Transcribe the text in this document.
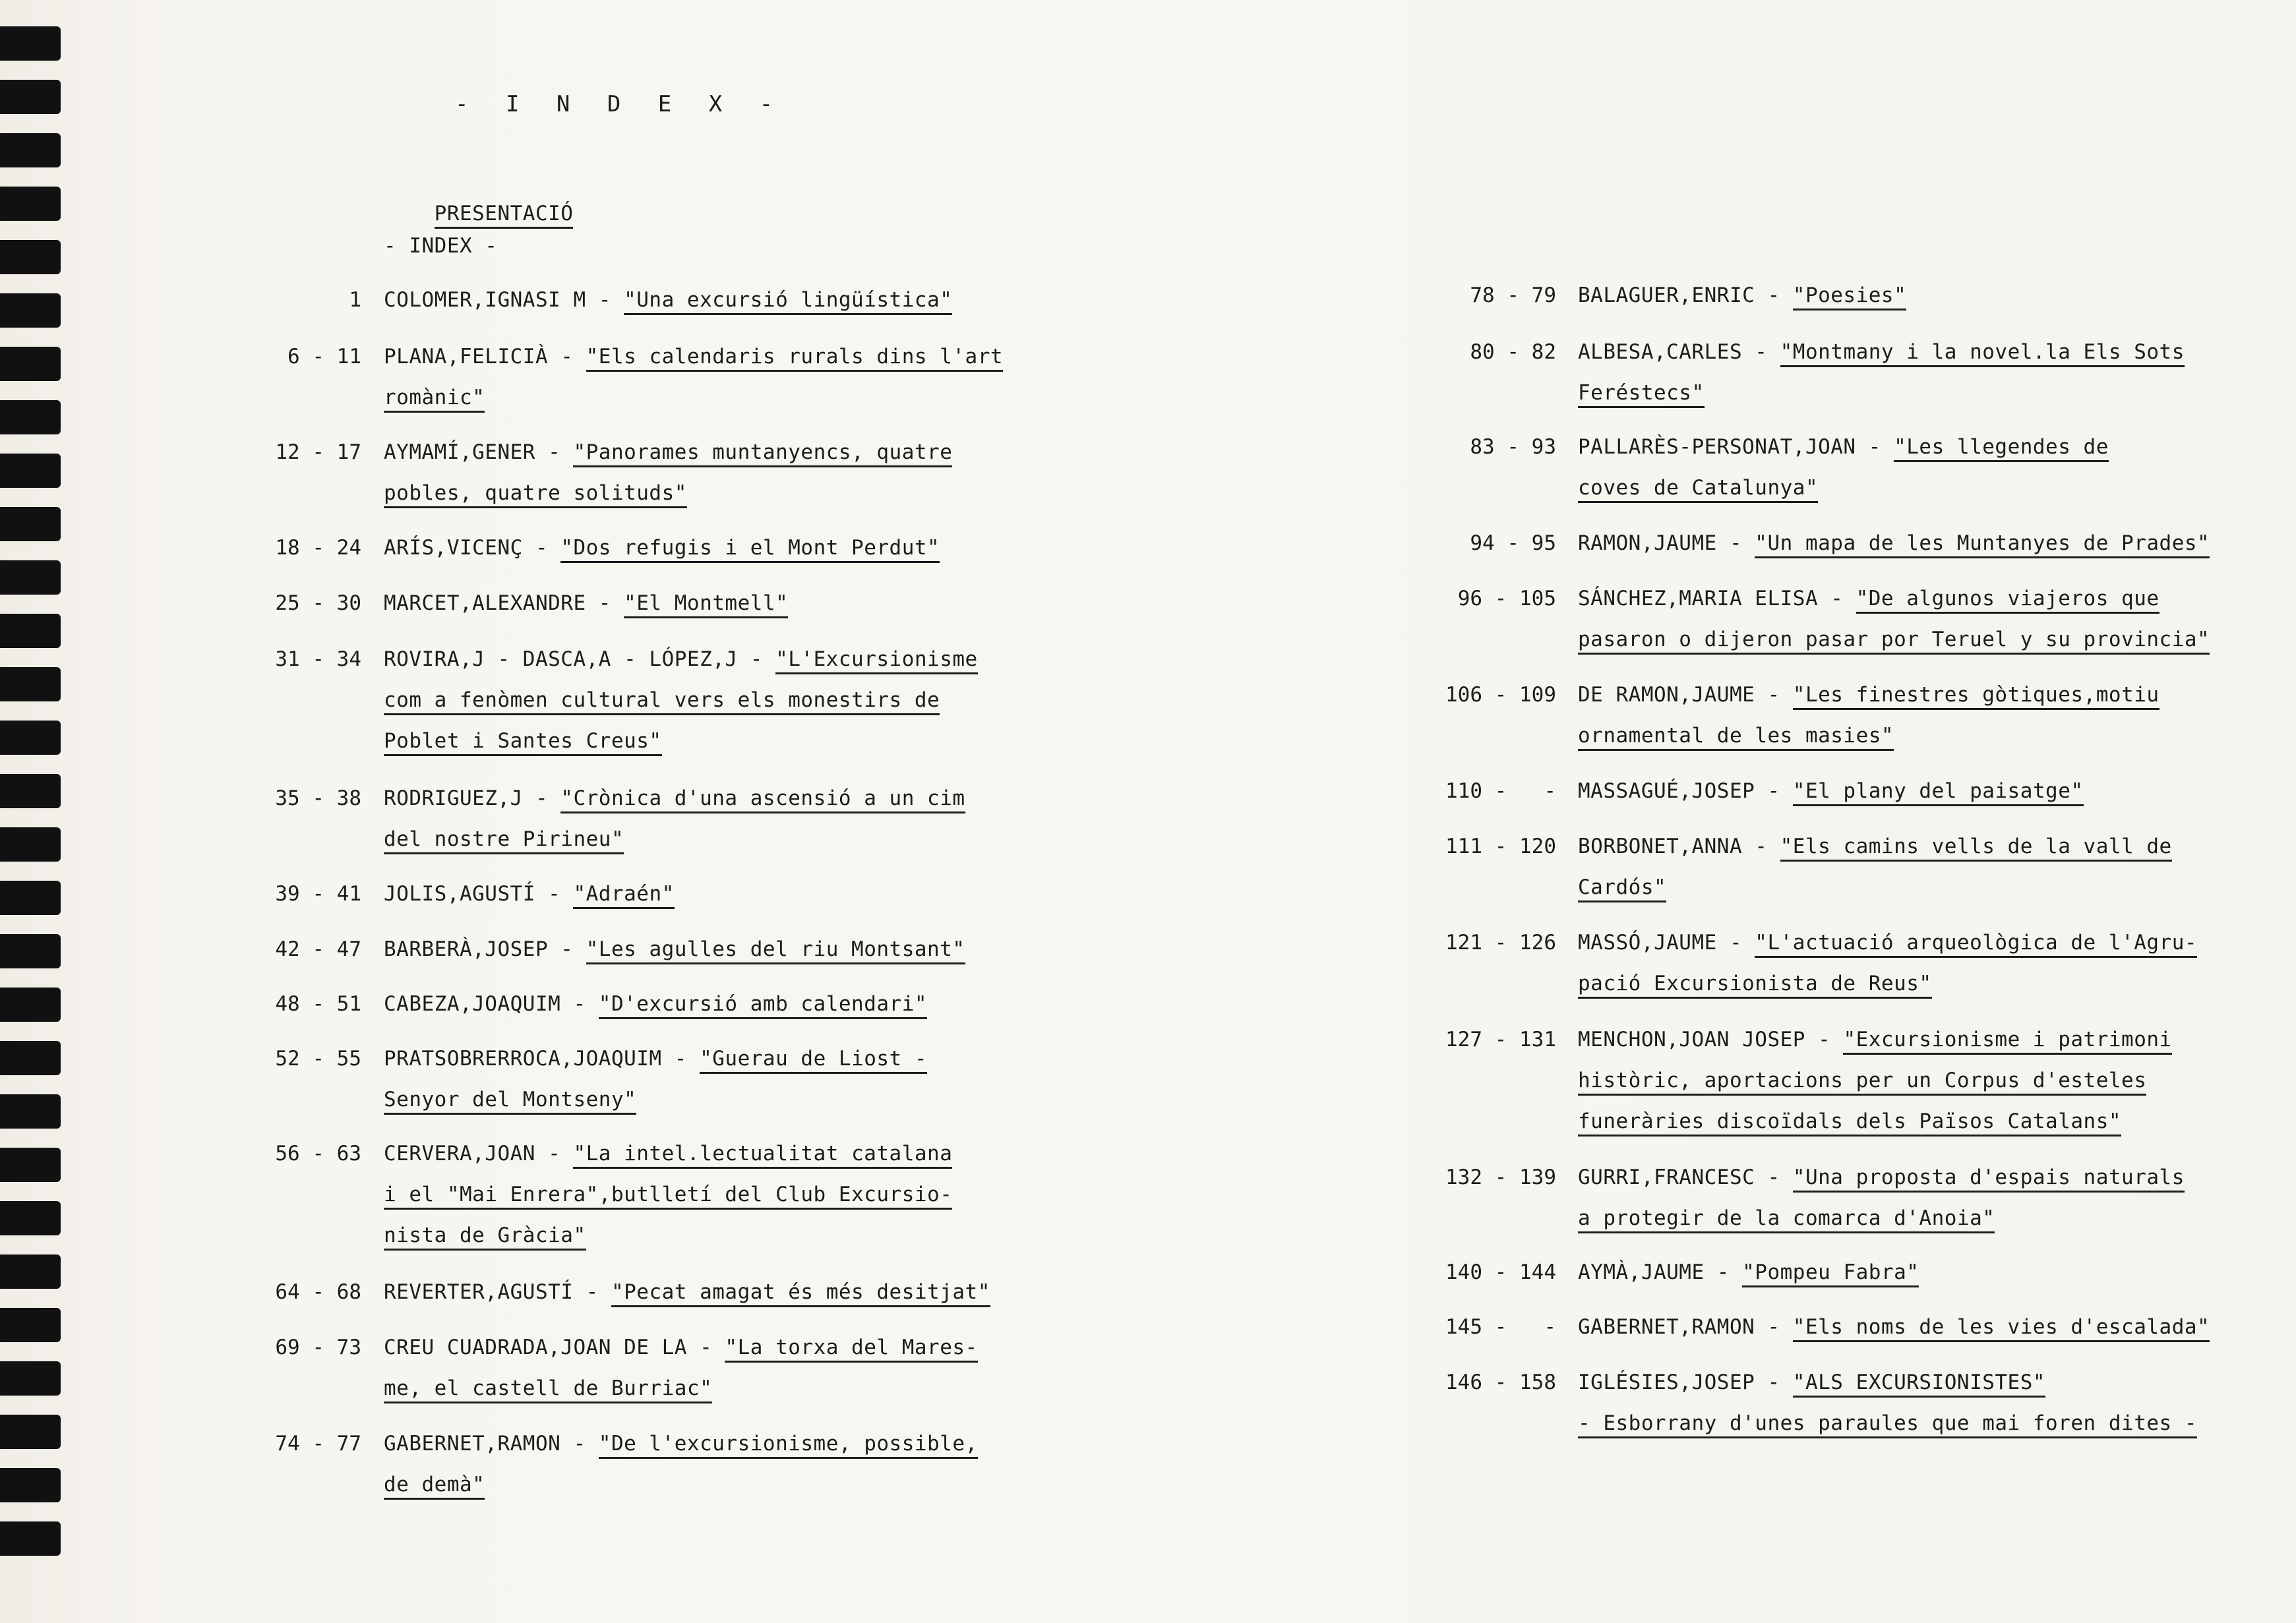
- I N D E X -

PRESENTACIÓ

- INDEX -
1 COLOMER,IGNASI M - "Una excursió lingüística"
6 - 11 PLANA,FELICIÀ - "Els calendaris rurals dins l'art
romànic"
12 - 17 AYMAMÍ,GENER - "Panorames muntanyencs, quatre
pobles, quatre solituds"
18 - 24 ARÍS,VICENÇ - "Dos refugis i el Mont Perdut"
25 - 30 MARCET,ALEXANDRE - "El Montmell"
31 - 34 ROVIRA,J - DASCA,A - LÓPEZ,J - "L'Excursionisme
com a fenòmen cultural vers els monestirs de
Poblet i Santes Creus"
35 - 38 RODRIGUEZ,J - "Crònica d'una ascensió a un cim
del nostre Pirineu"
39 - 41 JOLIS,AGUSTÍ - "Adraén"
42 - 47 BARBERÀ,JOSEP - "Les agulles del riu Montsant"
48 - 51 CABEZA,JOAQUIM - "D'excursió amb calendari"
52 - 55 PRATSOBRERROCA,JOAQUIM - "Guerau de Liost -
Senyor del Montseny"
56 - 63 CERVERA,JOAN - "La intel.lectualitat catalana
i el "Mai Enrera",butlletí del Club Excursio-
nista de Gràcia"
64 - 68 REVERTER,AGUSTÍ - "Pecat amagat és més desitjat"
69 - 73 CREU CUADRADA,JOAN DE LA - "La torxa del Mares-
me, el castell de Burriac"
74 - 77 GABERNET,RAMON - "De l'excursionisme, possible,
de demà"
78 - 79 BALAGUER,ENRIC - "Poesies"
80 - 82 ALBESA,CARLES - "Montmany i la novel.la Els Sots
Feréstecs"
83 - 93 PALLARÈS-PERSONAT,JOAN - "Les llegendes de
coves de Catalunya"
94 - 95 RAMON,JAUME - "Un mapa de les Muntanyes de Prades"
96 - 105 SÁNCHEZ,MARIA ELISA - "De algunos viajeros que
pasaron o dijeron pasar por Teruel y su provincia"
106 - 109 DE RAMON,JAUME - "Les finestres gòtiques,motiu
ornamental de les masies"
110 -   - MASSAGUÉ,JOSEP - "El plany del paisatge"
111 - 120 BORBONET,ANNA - "Els camins vells de la vall de
Cardós"
121 - 126 MASSÓ,JAUME - "L'actuació arqueològica de l'Agru-
pació Excursionista de Reus"
127 - 131 MENCHON,JOAN JOSEP - "Excursionisme i patrimoni
històric, aportacions per un Corpus d'esteles
funeràries discoïdals dels Països Catalans"
132 - 139 GURRI,FRANCESC - "Una proposta d'espais naturals
a protegir de la comarca d'Anoia"
140 - 144 AYMÀ,JAUME - "Pompeu Fabra"
145 -   - GABERNET,RAMON - "Els noms de les vies d'escalada"
146 - 158 IGLÉSIES,JOSEP - "ALS EXCURSIONISTES"
- Esborrany d'unes paraules que mai foren dites -
